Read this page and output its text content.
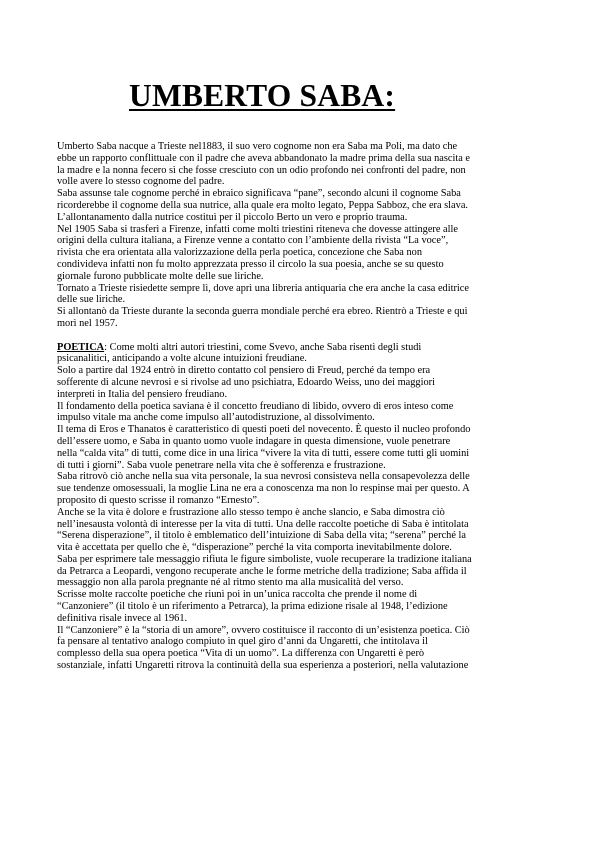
UMBERTO SABA:

Umberto Saba nacque a Trieste nel1883, il suo vero cognome non era Saba ma Poli, ma dato che
ebbe un rapporto conflittuale con il padre che aveva abbandonato la madre prima della sua nascita e
la madre e la nonna fecero sì che fosse cresciuto con un odio profondo nei confronti del padre, non
volle avere lo stesso cognome del padre.

Saba assunse tale cognome perché in ebraico significava “pane”, secondo alcuni il cognome Saba
ricorderebbe il cognome della sua nutrice, alla quale era molto legato, Peppa Sabboz, che era slava.
L’allontanamento dalla nutrice costituì per il piccolo Berto un vero e proprio trauma.

Nel 1905 Saba si trasferì a Firenze, infatti come molti triestini riteneva che dovesse attingere alle
origini della cultura italiana, a Firenze venne a contatto con l’ambiente della rivista “La voce”,
rivista che era orientata alla valorizzazione della perla poetica, concezione che Saba non
condivideva infatti non fu molto apprezzata presso il circolo la sua poesia, anche se su questo
giornale furono pubblicate molte delle sue liriche.

Tornato a Trieste risiedette sempre lì, dove aprì una libreria antiquaria che era anche la casa editrice
delle sue liriche.

Si allontanò da Trieste durante la seconda guerra mondiale perché era ebreo. Rientrò a Trieste e qui
morì nel 1957.

POETICA: Come molti altri autori triestini, come Svevo, anche Saba risentì degli studi
psicanalitici, anticipando a volte alcune intuizioni freudiane.

Solo a partire dal 1924 entrò in diretto contatto col pensiero di Freud, perché da tempo era
sofferente di alcune nevrosi e si rivolse ad uno psichiatra, Edoardo Weiss, uno dei maggiori
interpreti in Italia del pensiero freudiano.

Il fondamento della poetica saviana è il concetto freudiano di libido, ovvero di eros inteso come
impulso vitale ma anche come impulso all’autodistruzione, al dissolvimento.

Il tema di Eros e Thanatos è caratteristico di questi poeti del novecento. È questo il nucleo profondo
dell’essere uomo, e Saba in quanto uomo vuole indagare in questa dimensione, vuole penetrare
nella “calda vita” di tutti, come dice in una lirica “vivere la vita di tutti, essere come tutti gli uomini
di tutti i giorni”. Saba vuole penetrare nella vita che è sofferenza e frustrazione.

Saba ritrovò ciò anche nella sua vita personale, la sua nevrosi consisteva nella consapevolezza delle
sue tendenze omosessuali, la moglie Lina ne era a conoscenza ma non lo respinse mai per questo. A
proposito di questo scrisse il romanzo “Ernesto”.

Anche se la vita è dolore e frustrazione allo stesso tempo è anche slancio, e Saba dimostra ciò
nell’inesausta volontà di interesse per la vita di tutti. Una delle raccolte poetiche di Saba è intitolata
“Serena disperazione”, il titolo è emblematico dell’intuizione di Saba della vita; “serena” perché la
vita è accettata per quello che è, “disperazione” perché la vita comporta inevitabilmente dolore.

Saba per esprimere tale messaggio rifiuta le figure simboliste, vuole recuperare la tradizione italiana
da Petrarca a Leopardi, vengono recuperate anche le forme metriche della tradizione; Saba affida il
messaggio non alla parola pregnante né al ritmo stento ma alla musicalità del verso.

Scrisse molte raccolte poetiche che riunì poi in un’unica raccolta che prende il nome di
“Canzoniere” (il titolo è un riferimento a Petrarca), la prima edizione risale al 1948, l’edizione
definitiva risale invece al 1961.

Il “Canzoniere” è la “storia di un amore”, ovvero costituisce il racconto di un’esistenza poetica. Ciò
fa pensare al tentativo analogo compiuto in quel giro d’anni da Ungaretti, che intitolava il
complesso della sua opera poetica “Vita di un uomo”. La differenza con Ungaretti è però
sostanziale, infatti Ungaretti ritrova la continuità della sua esperienza a posteriori, nella valutazione
